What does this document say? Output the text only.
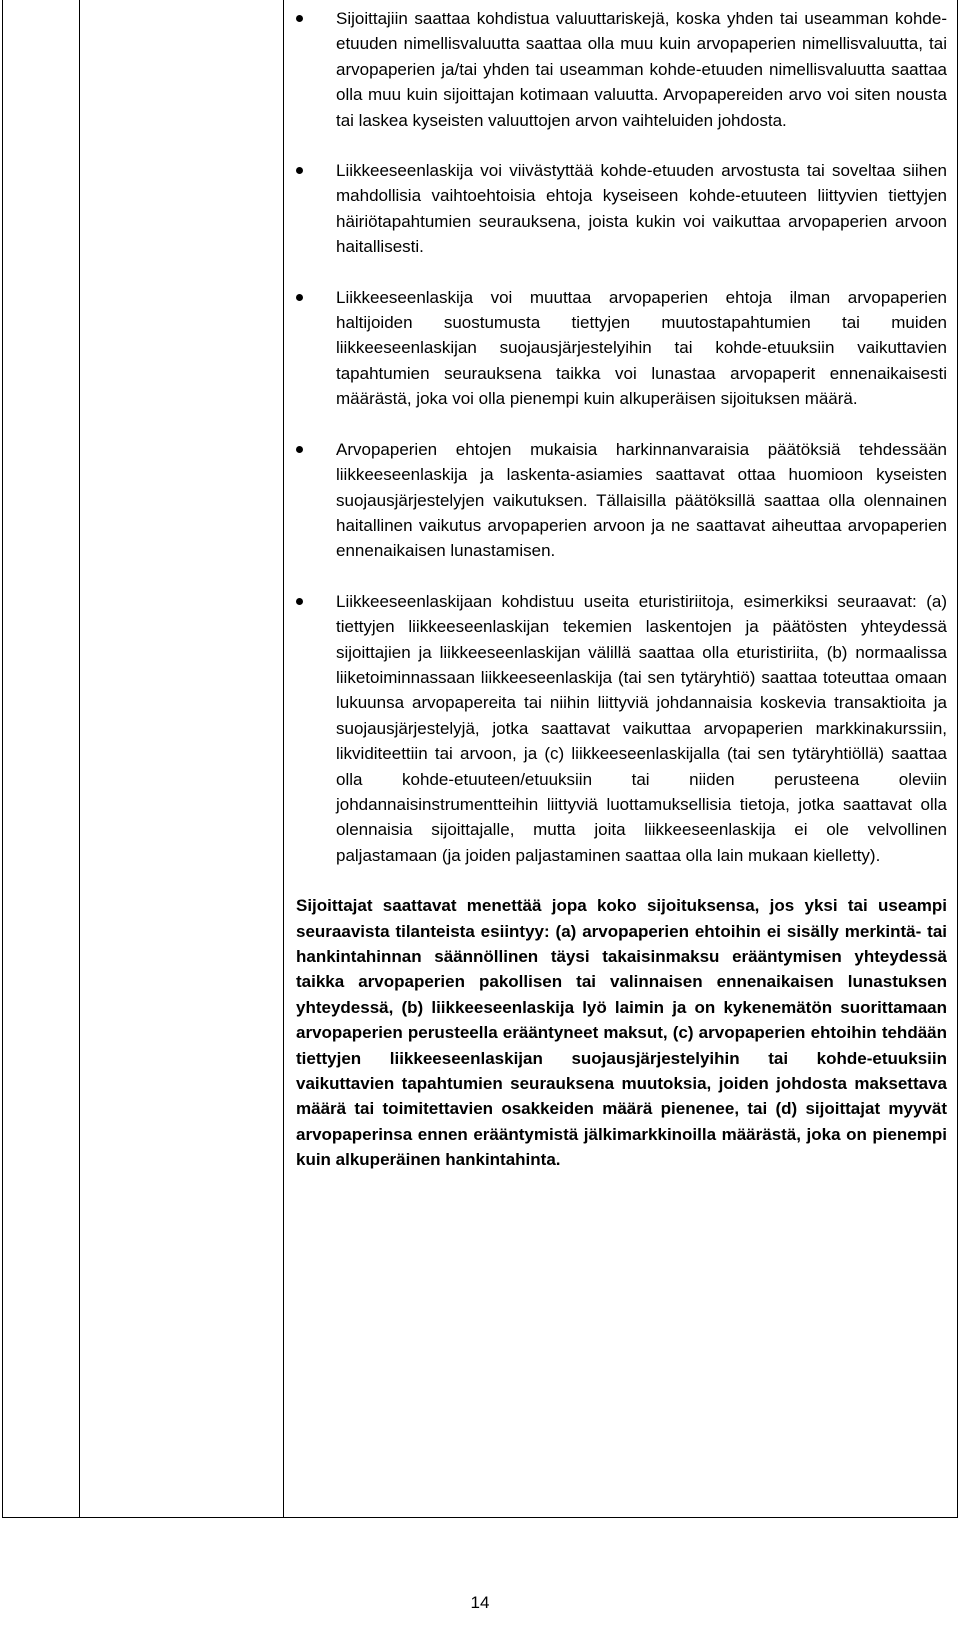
Sijoittajiin saattaa kohdistua valuuttariskejä, koska yhden tai useamman kohde-etuuden nimellisvaluutta saattaa olla muu kuin arvopaperien nimellisvaluutta, tai arvopaperien ja/tai yhden tai useamman kohde-etuuden nimellisvaluutta saattaa olla muu kuin sijoittajan kotimaan valuutta. Arvopapereiden arvo voi siten nousta tai laskea kyseisten valuuttojen arvon vaihteluiden johdosta.

Liikkeeseenlaskija voi viivästyttää kohde-etuuden arvostusta tai soveltaa siihen mahdollisia vaihtoehtoisia ehtoja kyseiseen kohde-etuuteen liittyvien tiettyjen häiriötapahtumien seurauksena, joista kukin voi vaikuttaa arvopaperien arvoon haitallisesti.

Liikkeeseenlaskija voi muuttaa arvopaperien ehtoja ilman arvopaperien haltijoiden suostumusta tiettyjen muutostapahtumien tai muiden liikkeeseenlaskijan suojausjärjestelyihin tai kohde-etuuksiin vaikuttavien tapahtumien seurauksena taikka voi lunastaa arvopaperit ennenaikaisesti määrästä, joka voi olla pienempi kuin alkuperäisen sijoituksen määrä.

Arvopaperien ehtojen mukaisia harkinnanvaraisia päätöksiä tehdessään liikkeeseenlaskija ja laskenta-asiamies saattavat ottaa huomioon kyseisten suojausjärjestelyjen vaikutuksen. Tällaisilla päätöksillä saattaa olla olennainen haitallinen vaikutus arvopaperien arvoon ja ne saattavat aiheuttaa arvopaperien ennenaikaisen lunastamisen.

Liikkeeseenlaskijaan kohdistuu useita eturistiriitoja, esimerkiksi seuraavat: (a) tiettyjen liikkeeseenlaskijan tekemien laskentojen ja päätösten yhteydessä sijoittajien ja liikkeeseenlaskijan välillä saattaa olla eturistiriita, (b) normaalissa liiketoiminnassaan liikkeeseenlaskija (tai sen tytäryhtiö) saattaa toteuttaa omaan lukuunsa arvopapereita tai niihin liittyviä johdannaisia koskevia transaktioita ja suojausjärjestelyjä, jotka saattavat vaikuttaa arvopaperien markkinakurssiin, likviditeettiin tai arvoon, ja (c) liikkeeseenlaskijalla (tai sen tytäryhtiöllä) saattaa olla kohde-etuuteen/etuuksiin tai niiden perusteena oleviin johdannaisinstrumentteihin liittyviä luottamuksellisia tietoja, jotka saattavat olla olennaisia sijoittajalle, mutta joita liikkeeseenlaskija ei ole velvollinen paljastamaan (ja joiden paljastaminen saattaa olla lain mukaan kielletty).

Sijoittajat saattavat menettää jopa koko sijoituksensa, jos yksi tai useampi seuraavista tilanteista esiintyy: (a) arvopaperien ehtoihin ei sisälly merkintä- tai hankintahinnan säännöllinen täysi takaisinmaksu erääntymisen yhteydessä taikka arvopaperien pakollisen tai valinnaisen ennenaikaisen lunastuksen yhteydessä, (b) liikkeeseenlaskija lyö laimin ja on kykenemätön suorittamaan arvopaperien perusteella erääntyneet maksut, (c) arvopaperien ehtoihin tehdään tiettyjen liikkeeseenlaskijan suojausjärjestelyihin tai kohde-etuuksiin vaikuttavien tapahtumien seurauksena muutoksia, joiden johdosta maksettava määrä tai toimitettavien osakkeiden määrä pienenee, tai (d) sijoittajat myyvät arvopaperinsa ennen erääntymistä jälkimarkkinoilla määrästä, joka on pienempi kuin alkuperäinen hankintahinta.

14
